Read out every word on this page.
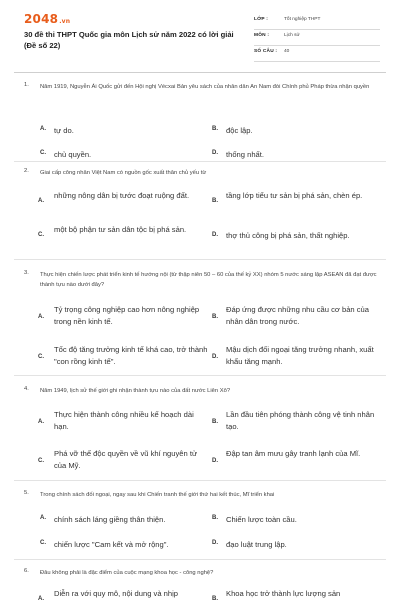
2048.vn
30 đề thi THPT Quốc gia môn Lịch sử năm 2022 có lời giải (Đề số 22)
LỚP :	Tốt nghiệp THPT
MÔN :	Lịch sử
SỐ CÂU : 40
1. Năm 1919, Nguyễn Ái Quốc gửi đến Hội nghị Vécxai Bản yêu sách của nhân dân An Nam đòi Chính phủ Pháp thừa nhận quyền
A. tự do.	B. độc lập.
C. chủ quyền.	D. thống nhất.
2. Giai cấp công nhân Việt Nam có nguồn gốc xuất thân chủ yếu từ
A.
những nông dân bị tước đoạt ruộng đất.
B.
tầng lớp tiểu tư sản bị phá sản, chèn ép.
C.
một bộ phận tư sản dân tộc bị phá sản.
D. thợ thủ công bị phá sản, thất nghiệp.
3. Thực hiện chiến lược phát triển kinh tế hướng nội (từ thập niên 50 – 60 của thế kỷ XX) nhóm 5 nước sáng lập ASEAN đã đạt được thành tựu nào dưới đây?
A.
Tỷ trọng công nghiệp cao hơn nông nghiệp trong nền kinh tế.	B.
Đáp ứng được những nhu cầu cơ bản của nhân dân trong nước.
C.
Tốc độ tăng trưởng kinh tế khá cao, trở thành "con rồng kinh tế".	D.
Mậu dịch đối ngoại tăng trưởng nhanh, xuất khẩu tăng mạnh.
4. Năm 1949, lịch sử thế giới ghi nhận thành tựu nào của đất nước Liên Xô?
A.
Thực hiện thành công nhiều kế hoạch dài hạn.	B.
Lần đầu tiên phóng thành công vệ tinh nhân tạo.
C.
Phá vỡ thế độc quyền về vũ khí nguyên tử của Mỹ.	D.
Đập tan âm mưu gây tranh lạnh của Mĩ.
5. Trong chính sách đối ngoại, ngay sau khi Chiến tranh thế giới thứ hai kết thúc, Mĩ triển khai
A. chính sách láng giềng thân thiện.	B. Chiến lược toàn cầu.
C. chiến lược "Cam kết và mở rộng".	D. đạo luật trung lập.
6. Đâu không phải là đặc điểm của cuộc mạng khoa học - công nghệ?
A.
Diễn ra với quy mô, nội dung và nhịp
B.
Khoa học trở thành lực lượng sản
